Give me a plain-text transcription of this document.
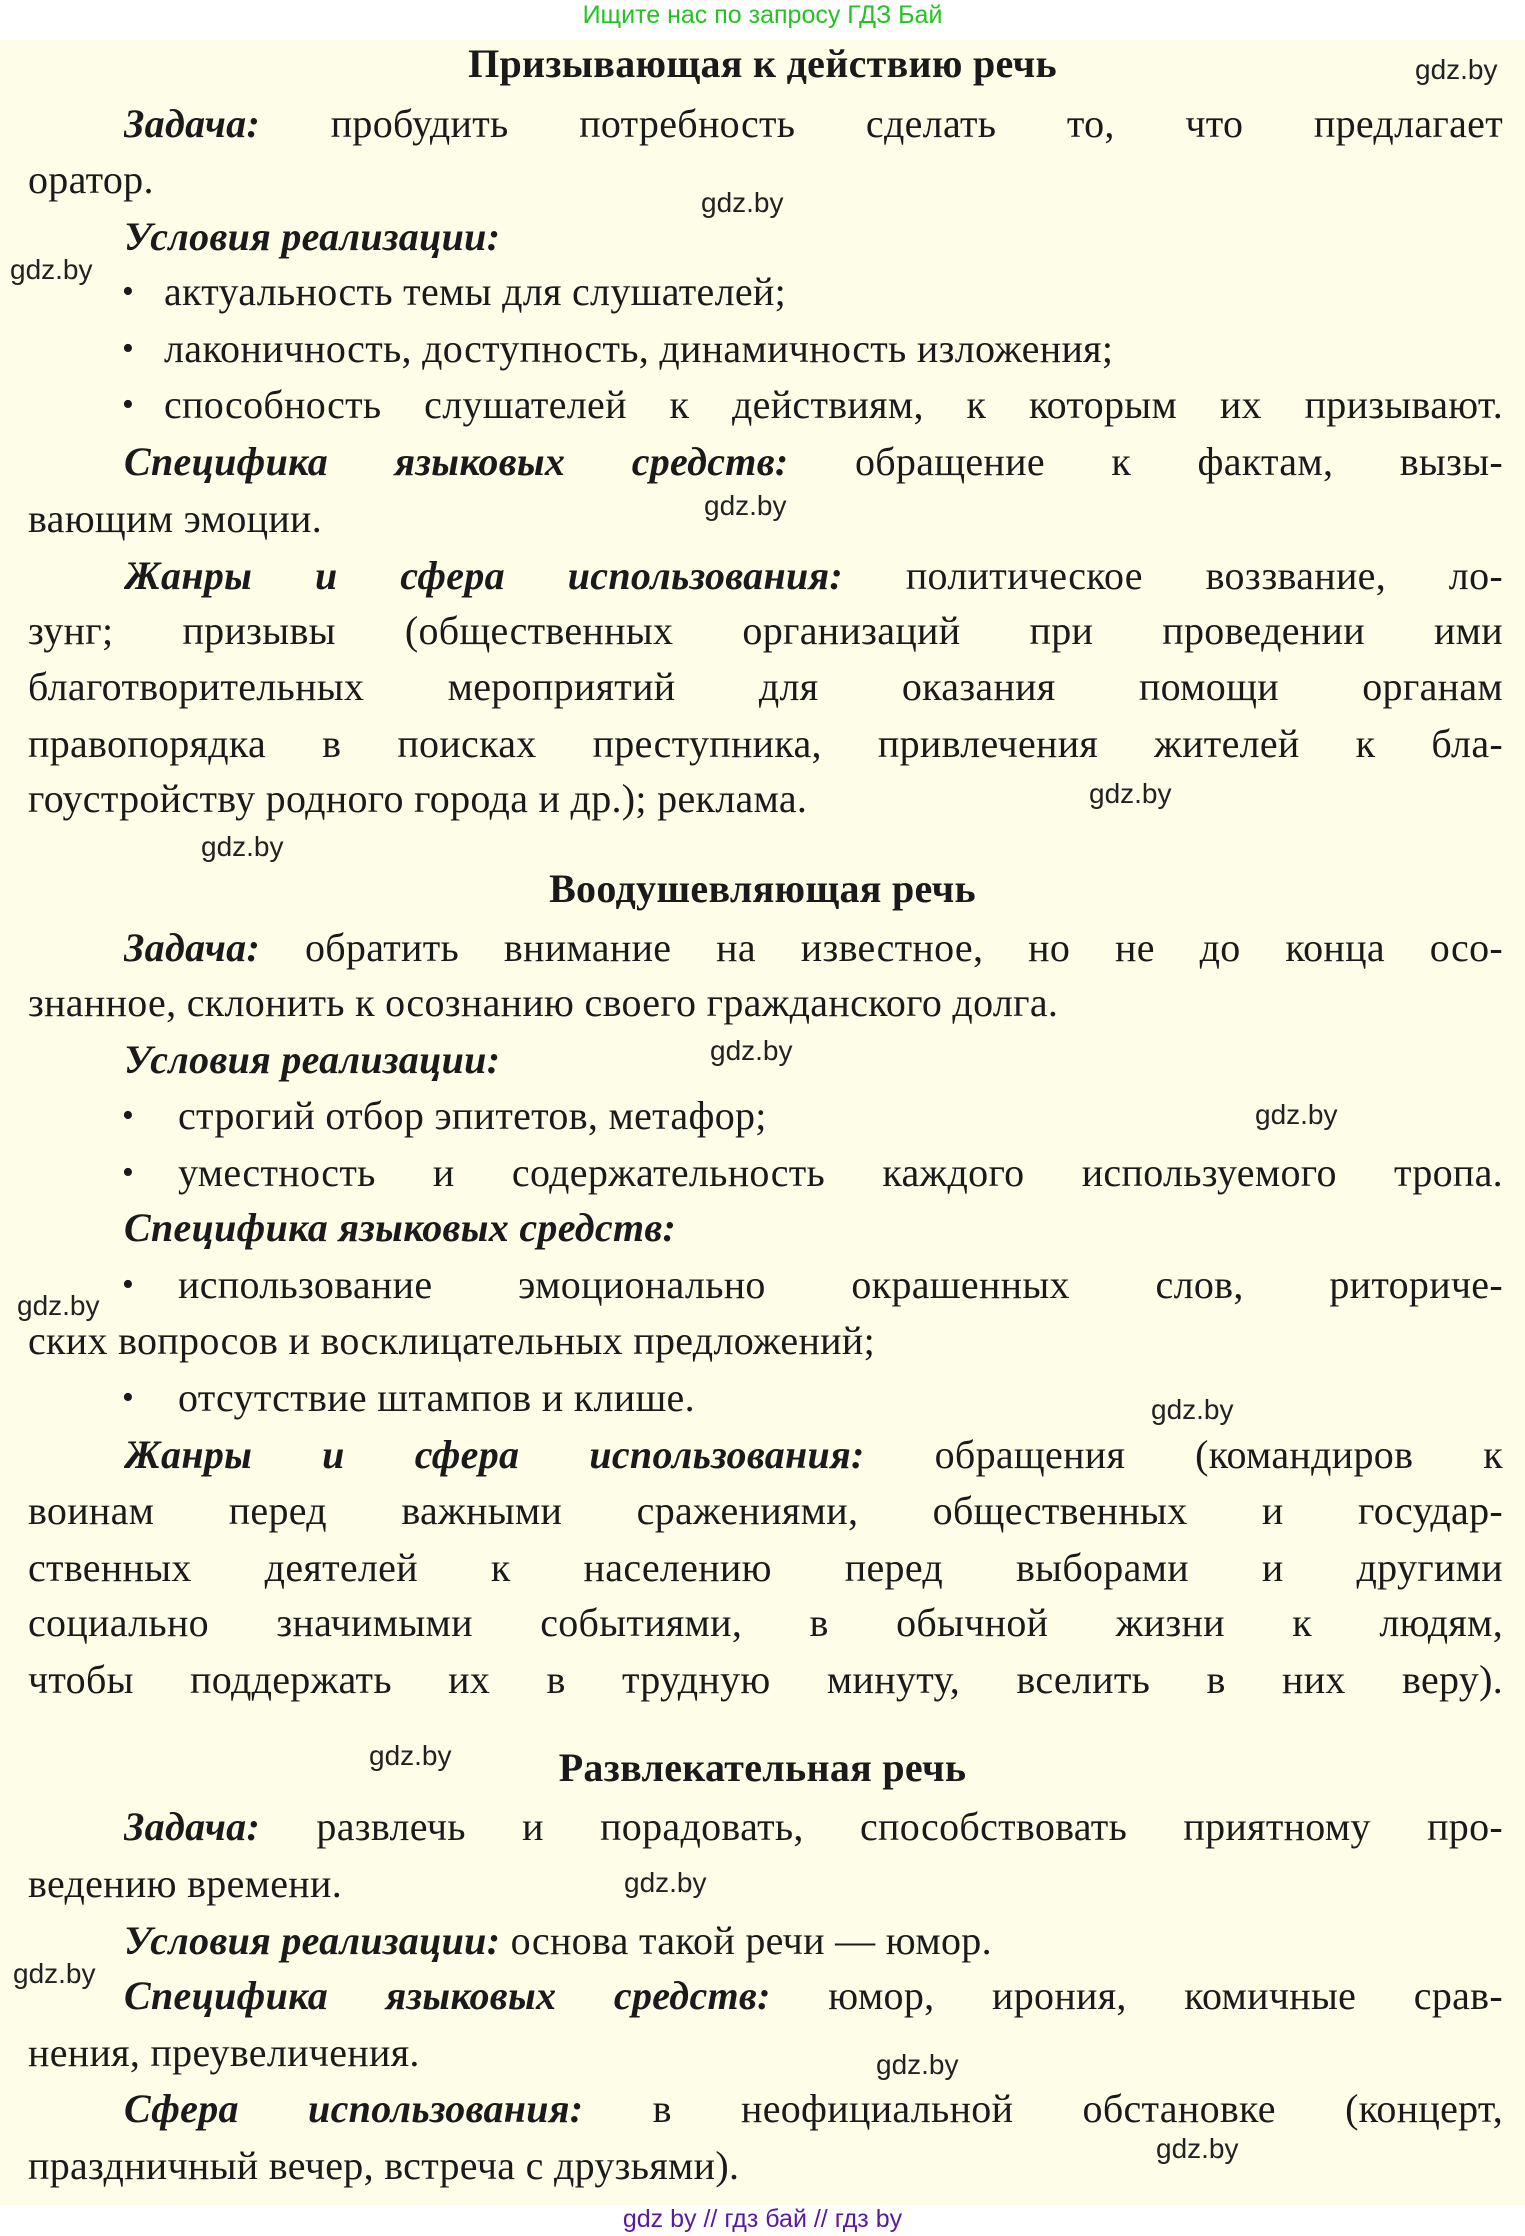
Ищите нас по запросу ГДЗ Бай
gdz by // гдз бай // гдз by
Призывающая к действию речь
Задача: пробудить потребность сделать то, что предлагает
оратор.
Условия реализации:
• актуальность темы для слушателей;
• лаконичность, доступность, динамичность изложения;
• способность слушателей к действиям, к которым их призывают.
Специфика языковых средств: обращение к фактам, вызы-
вающим эмоции.
Жанры и сфера использования: политическое воззвание, ло-
зунг; призывы (общественных организаций при проведении ими
благотворительных мероприятий для оказания помощи органам
правопорядка в поисках преступника, привлечения жителей к бла-
гоустройству родного города и др.); реклама.
Воодушевляющая речь
Задача: обратить внимание на известное, но не до конца осо-
знанное, склонить к осознанию своего гражданского долга.
Условия реализации:
• строгий отбор эпитетов, метафор;
• уместность и содержательность каждого используемого тропа.
Специфика языковых средств:
• использование эмоционально окрашенных слов, риториче-
ских вопросов и восклицательных предложений;
• отсутствие штампов и клише.
Жанры и сфера использования: обращения (командиров к
воинам перед важными сражениями, общественных и государ-
ственных деятелей к населению перед выборами и другими
социально значимыми событиями, в обычной жизни к людям,
чтобы поддержать их в трудную минуту, вселить в них веру).
Развлекательная речь
Задача: развлечь и порадовать, способствовать приятному про-
ведению времени.
Условия реализации: основа такой речи — юмор.
Специфика языковых средств: юмор, ирония, комичные срав-
нения, преувеличения.
Сфера использования: в неофициальной обстановке (концерт,
праздничный вечер, встреча с друзьями).
gdz.by
gdz.by
gdz.by
gdz.by
gdz.by
gdz.by
gdz.by
gdz.by
gdz.by
gdz.by
gdz.by
gdz.by
gdz.by
gdz.by
gdz.by
